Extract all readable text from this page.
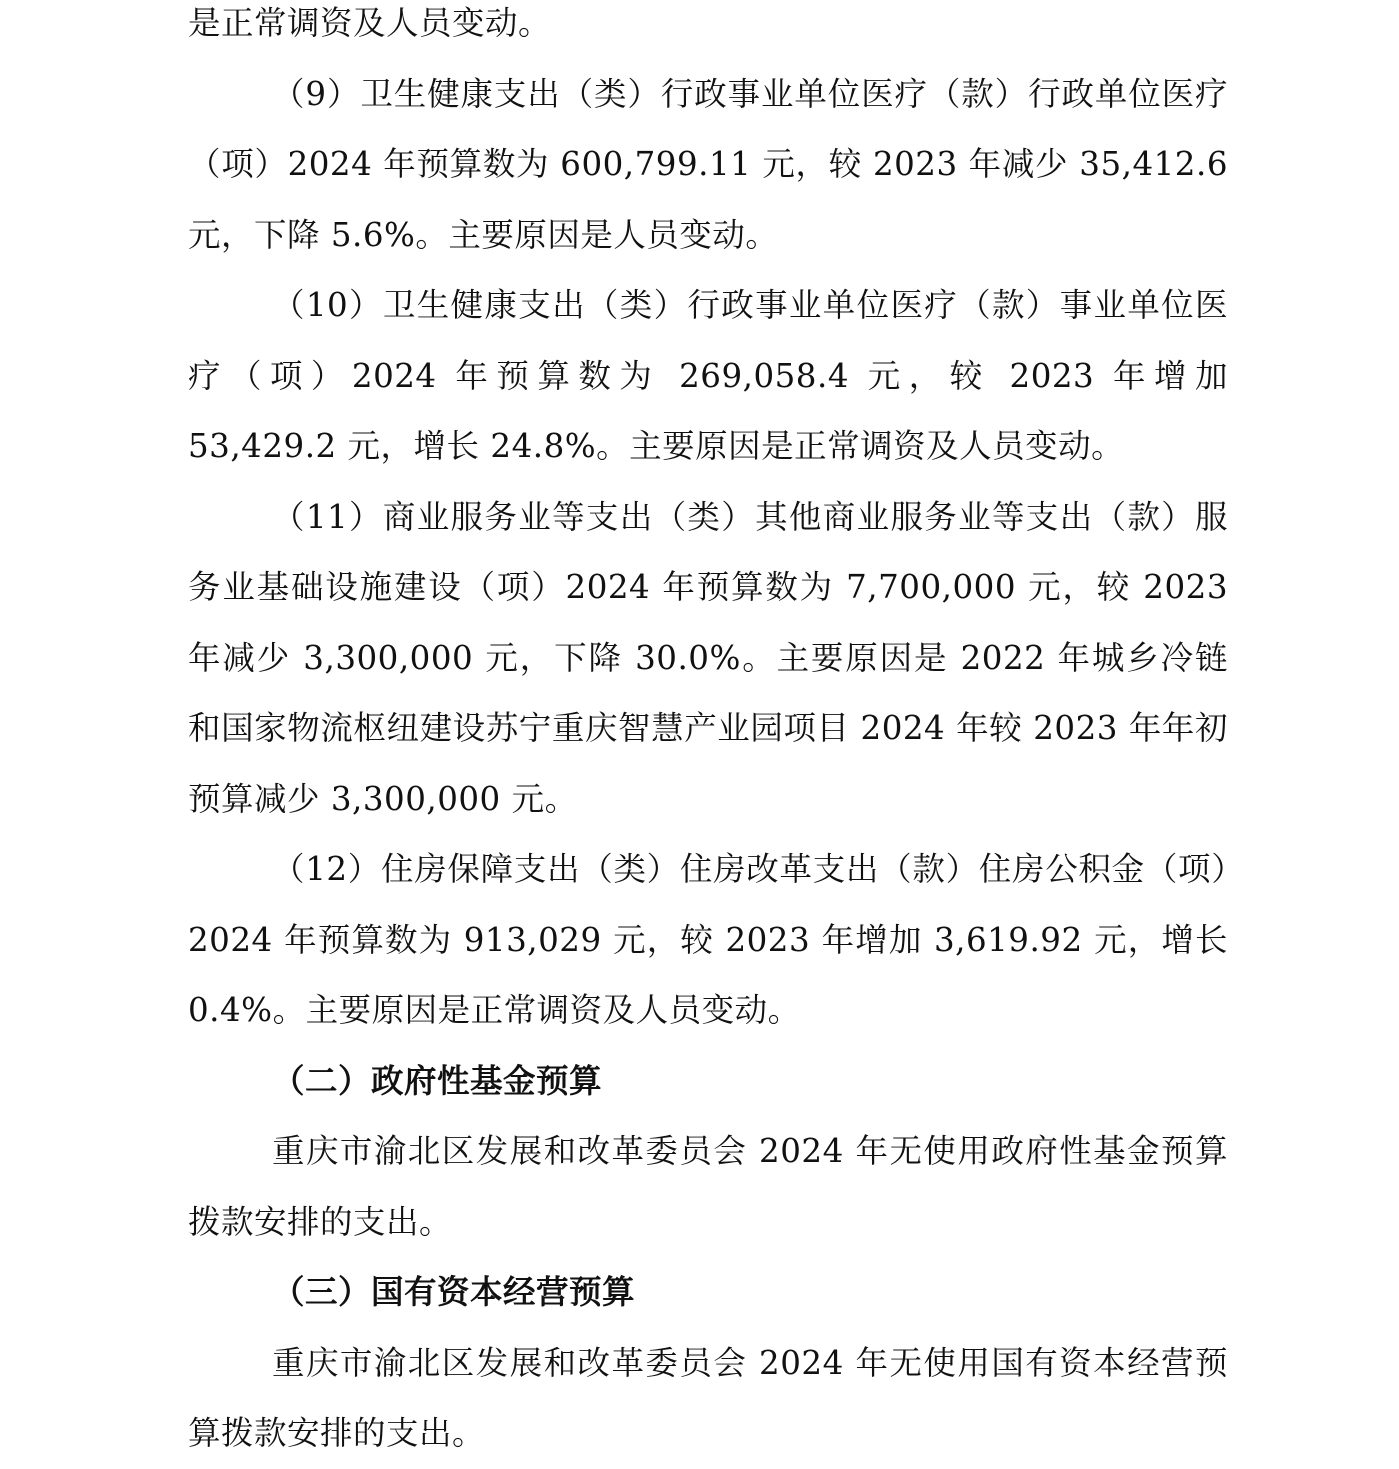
是正常调资及人员变动。

（9）卫生健康支出（类）行政事业单位医疗（款）行政单位医疗（项）2024 年预算数为 600,799.11 元，较 2023 年减少 35,412.6 元，下降 5.6%。主要原因是人员变动。

（10）卫生健康支出（类）行政事业单位医疗（款）事业单位医疗（项）2024 年预算数为 269,058.4 元，较 2023 年增加 53,429.2 元，增长 24.8%。主要原因是正常调资及人员变动。

（11）商业服务业等支出（类）其他商业服务业等支出（款）服务业基础设施建设（项）2024 年预算数为 7,700,000 元，较 2023 年减少 3,300,000 元，下降 30.0%。主要原因是 2022 年城乡冷链和国家物流枢纽建设苏宁重庆智慧产业园项目 2024 年较 2023 年年初预算减少 3,300,000 元。

（12）住房保障支出（类）住房改革支出（款）住房公积金（项）2024 年预算数为 913,029 元，较 2023 年增加 3,619.92 元，增长 0.4%。主要原因是正常调资及人员变动。

（二）政府性基金预算

重庆市渝北区发展和改革委员会 2024 年无使用政府性基金预算拨款安排的支出。

（三）国有资本经营预算

重庆市渝北区发展和改革委员会 2024 年无使用国有资本经营预算拨款安排的支出。
